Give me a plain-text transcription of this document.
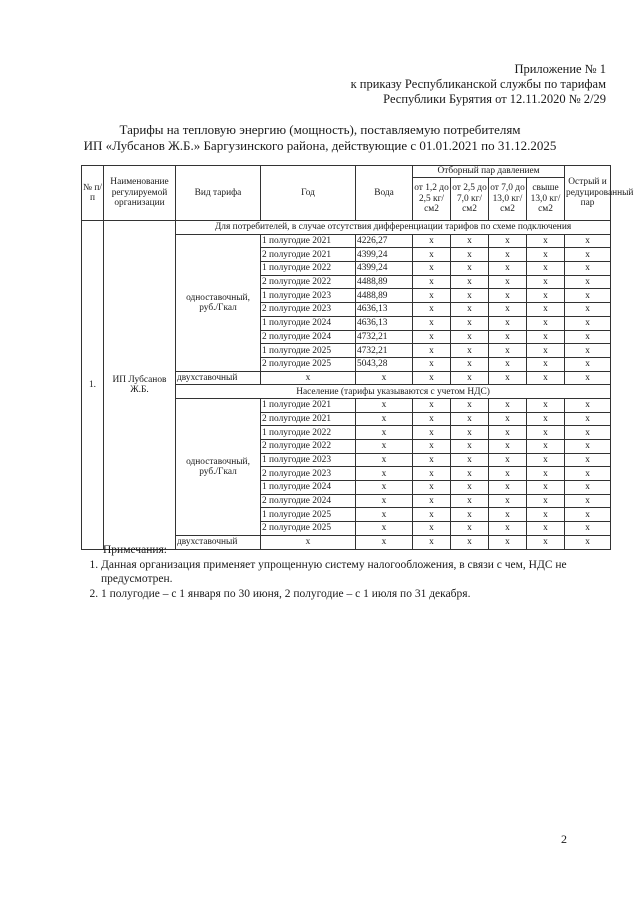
Приложение № 1
к приказу Республиканской службы по тарифам
Республики Бурятия от 12.11.2020 № 2/29
Тарифы на тепловую энергию (мощность), поставляемую потребителям
ИП «Лубсанов Ж.Б.» Баргузинского района, действующие с 01.01.2021 по 31.12.2025
№ п/п	Наименование регулируемой организации	Вид тарифа	Год	Вода	Отборный пар давлением				Острый и редуцированный пар
					от 1,2 до 2,5 кг/см2	от 2,5 до 7,0 кг/см2	от 7,0 до 13,0 кг/см2	свыше 13,0 кг/см2	
1.	ИП Лубсанов Ж.Б.	Для потребителей, в случае отсутствия дифференциации тарифов по схеме подключения							
		одноставочный, руб./Гкал	1 полугодие 2021	4226,27	x	x	x	x	x
			2 полугодие 2021	4399,24	x	x	x	x	x
			1 полугодие 2022	4399,24	x	x	x	x	x
			2 полугодие 2022	4488,89	x	x	x	x	x
			1 полугодие 2023	4488,89	x	x	x	x	x
			2 полугодие 2023	4636,13	x	x	x	x	x
			1 полугодие 2024	4636,13	x	x	x	x	x
			2 полугодие 2024	4732,21	x	x	x	x	x
			1 полугодие 2025	4732,21	x	x	x	x	x
			2 полугодие 2025	5043,28	x	x	x	x	x
		двухставочный	x	x	x	x	x	x	x
		Население (тарифы указываются с учетом НДС)							
		одноставочный, руб./Гкал	1 полугодие 2021	x	x	x	x	x	x
			2 полугодие 2021	x	x	x	x	x	x
			1 полугодие 2022	x	x	x	x	x	x
			2 полугодие 2022	x	x	x	x	x	x
			1 полугодие 2023	x	x	x	x	x	x
			2 полугодие 2023	x	x	x	x	x	x
			1 полугодие 2024	x	x	x	x	x	x
			2 полугодие 2024	x	x	x	x	x	x
			1 полугодие 2025	x	x	x	x	x	x
			2 полугодие 2025	x	x	x	x	x	x
		двухставочный	x	x	x	x	x	x	x
Примечания:
1. Данная организация применяет упрощенную систему налогообложения, в связи с чем, НДС не предусмотрен.
2. 1 полугодие – с 1 января по 30 июня, 2 полугодие – с 1 июля по 31 декабря.
2
